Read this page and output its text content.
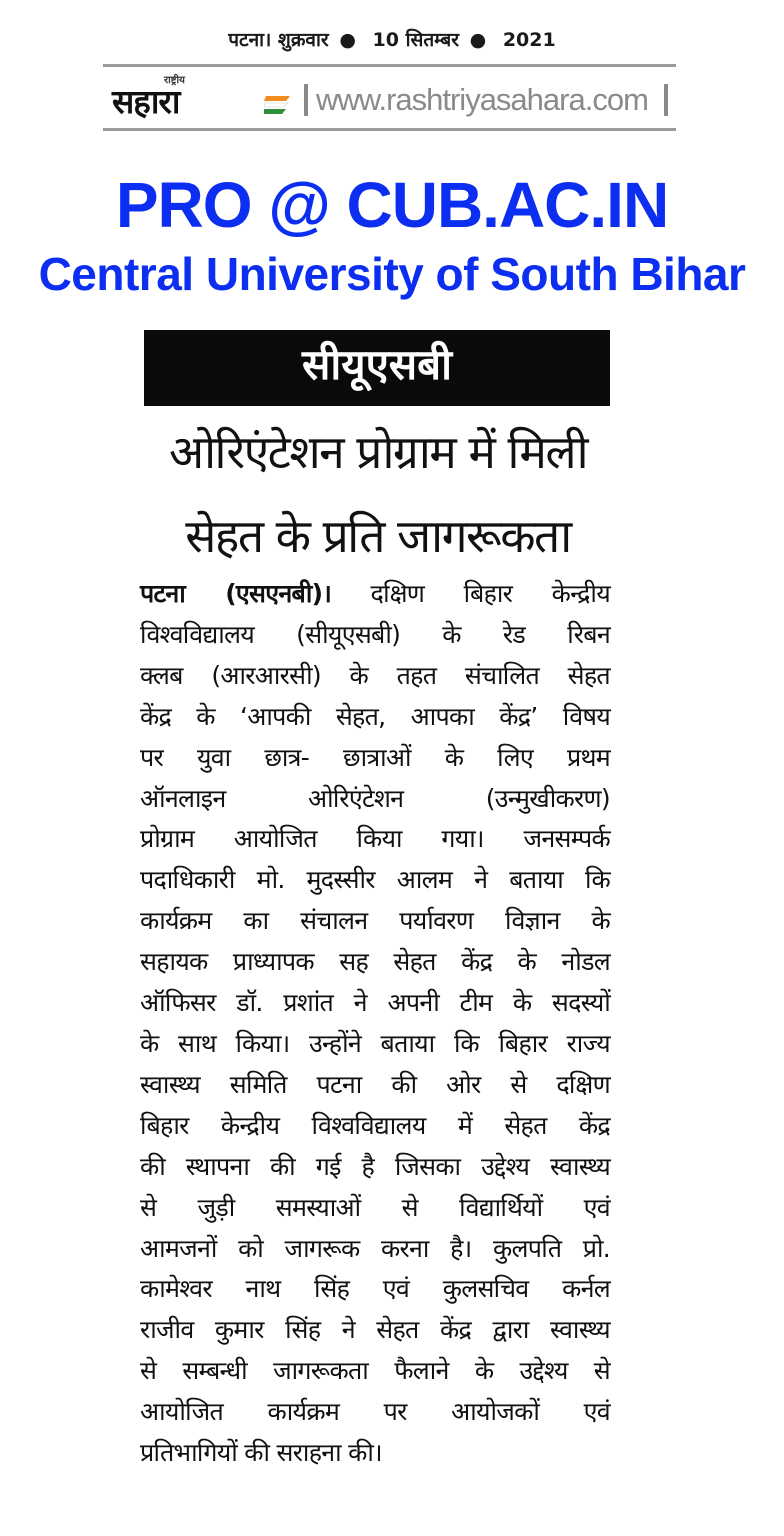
पटना। शुक्रवार ● 10 सितम्बर ● 2021
राष्ट्रीय
सहारा	www.rashtriyasahara.com
PRO @ CUB.AC.IN
Central University of South Bihar
सीयूएसबी
ओरिएंटेशन प्रोग्राम में मिली
सेहत के प्रति जागरूकता
पटना (एसएनबी)। दक्षिण बिहार केन्द्रीय
विश्वविद्यालय (सीयूएसबी) के रेड रिबन
क्लब (आरआरसी) के तहत संचालित सेहत
केंद्र के ‘आपकी सेहत, आपका केंद्र’ विषय
पर युवा छात्र- छात्राओं के लिए प्रथम
ऑनलाइन ओरिएंटेशन (उन्मुखीकरण)
प्रोग्राम आयोजित किया गया। जनसम्पर्क
पदाधिकारी मो. मुदस्सीर आलम ने बताया कि
कार्यक्रम का संचालन पर्यावरण विज्ञान के
सहायक प्राध्यापक सह सेहत केंद्र के नोडल
ऑफिसर डॉ. प्रशांत ने अपनी टीम के सदस्यों
के साथ किया। उन्होंने बताया कि बिहार राज्य
स्वास्थ्य समिति पटना की ओर से दक्षिण
बिहार केन्द्रीय विश्वविद्यालय में सेहत केंद्र
की स्थापना की गई है जिसका उद्देश्य स्वास्थ्य
से जुड़ी समस्याओं से विद्यार्थियों एवं
आमजनों को जागरूक करना है। कुलपति प्रो.
कामेश्वर नाथ सिंह एवं कुलसचिव कर्नल
राजीव कुमार सिंह ने सेहत केंद्र द्वारा स्वास्थ्य
से सम्बन्धी जागरूकता फैलाने के उद्देश्य से
आयोजित कार्यक्रम पर आयोजकों एवं
प्रतिभागियों की सराहना की।
